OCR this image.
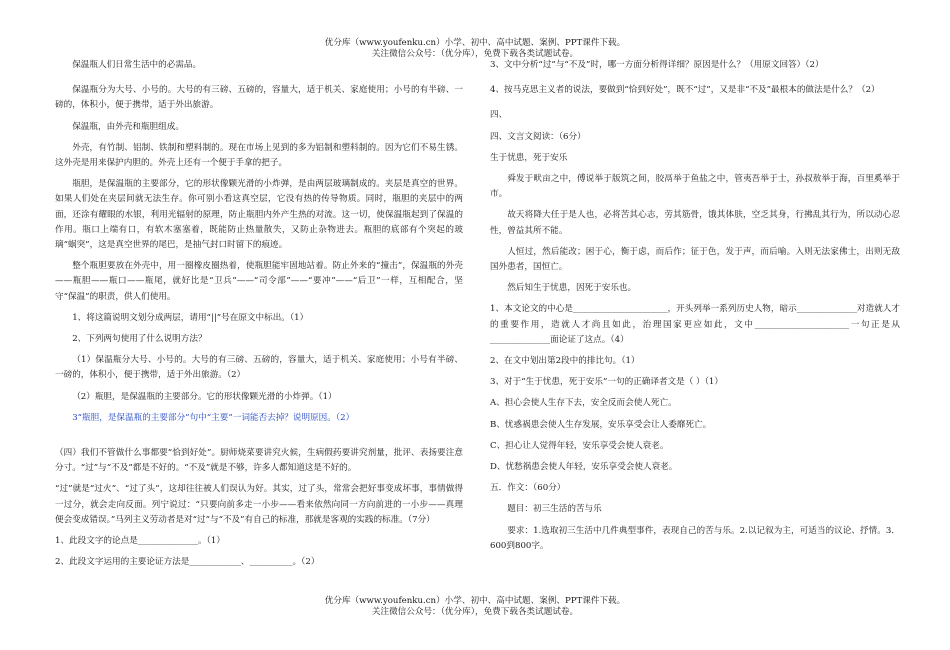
优分库（www.youfenku.cn）小学、初中、高中试题、案例、PPT课件下载。
关注微信公众号：（优分库），免费下载各类试题试卷。

保温瓶人们日常生活中的必需品。

保温瓶分为大号、小号的。大号的有三磅、五磅的，容量大，适于机关、家庭使用；小号的有半磅、一磅的，体积小，便于携带，适于外出旅游。

保温瓶，由外壳和瓶胆组成。

外壳，有竹制、铝制、铁制和塑料制的。现在市场上见到的多为铝制和塑料制的。因为它们不易生锈。这外壳是用来保护内胆的。外壳上还有一个便于手拿的把子。

瓶胆，是保温瓶的主要部分，它的形状像颗光滑的小炸弹，是由两层玻璃制成的。夹层是真空的世界。如果人们处在夹层间就无法生存。你可别小看这真空层，它没有热的传导物质。同时，瓶胆的夹层中的两面，还涂有耀眼的水银，利用光辐射的原理，防止瓶胆内外产生热的对流。这一切，使保温瓶起到了保温的作用。瓶口上端有口，有软木塞塞着，既能防止热量散失，又防止杂物进去。瓶胆的底部有个突起的玻璃“蜗突”，这是真空世界的尾巴，是抽气封口时留下的痕迹。

整个瓶胆要放在外壳中，用一圈橡皮圈热着，使瓶胆能牢固地站着。防止外来的“撞击”，保温瓶的外壳——瓶胆——瓶口——瓶尾，就好比是“卫兵”——“司令部”——“要冲”——“后卫”一样，互相配合，坚守“保温”的职责，供人们使用。

1、将这篇说明文划分成两层，请用“||”号在原文中标出。（1）

2、下列两句使用了什么说明方法？

（1）保温瓶分大号、小号的。大号的有三磅、五磅的，容量大，适于机关、家庭使用；小号有半磅、一磅的，体积小，便于携带，适于外出旅游。（2）

（2）瓶胆，是保温瓶的主要部分。它的形状像颗光滑的小炸弹。（1）

3“瓶胆，是保温瓶的主要部分”句中“主要”一词能否去掉？说明原因。（2）

（四）我们不管做什么事都要“恰到好处”。厨师烧菜要讲究火候，生病假药要讲究剂量，批评、表扬要注意分寸。“过”与“不及”都是不好的。“不及”就是不够，许多人都知道这是不好的。

“过”就是“过火”、“过了头”，这却往往被人们误认为好。其实，过了头，常常会把好事变成坏事，事情做得一过分，就会走向反面。列宁说过：“只要向前多走一小步——看来依然向同一方向前进的一小步——真理便会变成错误。”马列主义劳动者是对“过”与“不及”有自己的标准，那就是客观的实践的标准。（7分）

1、此段文字的论点是______________。（1）

2、此段文字运用的主要论证方法是____________、__________。（2）

3、文中分析“过”与“不及”时，哪一方面分析得详细？原因是什么？（用原文回答）（2）

4、按马克思主义者的说法，要做到“恰到好处”，既不“过”，又是非“不及”最根本的做法是什么？（2）

四、

四、文言文阅读：（6分）

生于忧患，死于安乐

舜发于畎亩之中，傅说举于版筑之间，胶鬲举于鱼盐之中，管夷吾举于士，孙叔敖举于海，百里奚举于市。

故天将降大任于是人也，必将苦其心志，劳其筋骨，饿其体肤，空乏其身，行拂乱其行为，所以动心忍性，曾益其所不能。

人恒过，然后能改；困于心，衡于虑，而后作；征于色，发于声，而后喻。入则无法家佛士，出则无敌国外患者，国恒亡。

然后知生于忧患，因死于安乐也。

1、本文论文的中心是______________________，开头列举一系列历史人物，暗示______________对造就人才的重要作用，造就人才尚且如此，治理国家更应如此，文中______________________一句正是从______________面论证了这点。（4）

2、在文中划出第2段中的排比句。（1）

3、对于“生于忧患，死于安乐”一句的正确译者文是（ ）（1）

A、担心会使人生存下去，安全反而会使人死亡。

B、忧惑祸患会使人生存发展，安乐享受会让人委靡死亡。

C、担心让人觉得年轻，安乐享受会使人衰老。

D、忧愁祸患会使人年轻，安乐享受会使人衰老。

五．作文：（60分）

题目：初三生活的苦与乐

要求：1.选取初三生活中几件典型事件，表现自己的苦与乐。2.以记叙为主，可适当的议论、抒情。3．600到800字。

优分库（www.youfenku.cn）小学、初中、高中试题、案例、PPT课件下载。
关注微信公众号：（优分库），免费下载各类试题试卷。
